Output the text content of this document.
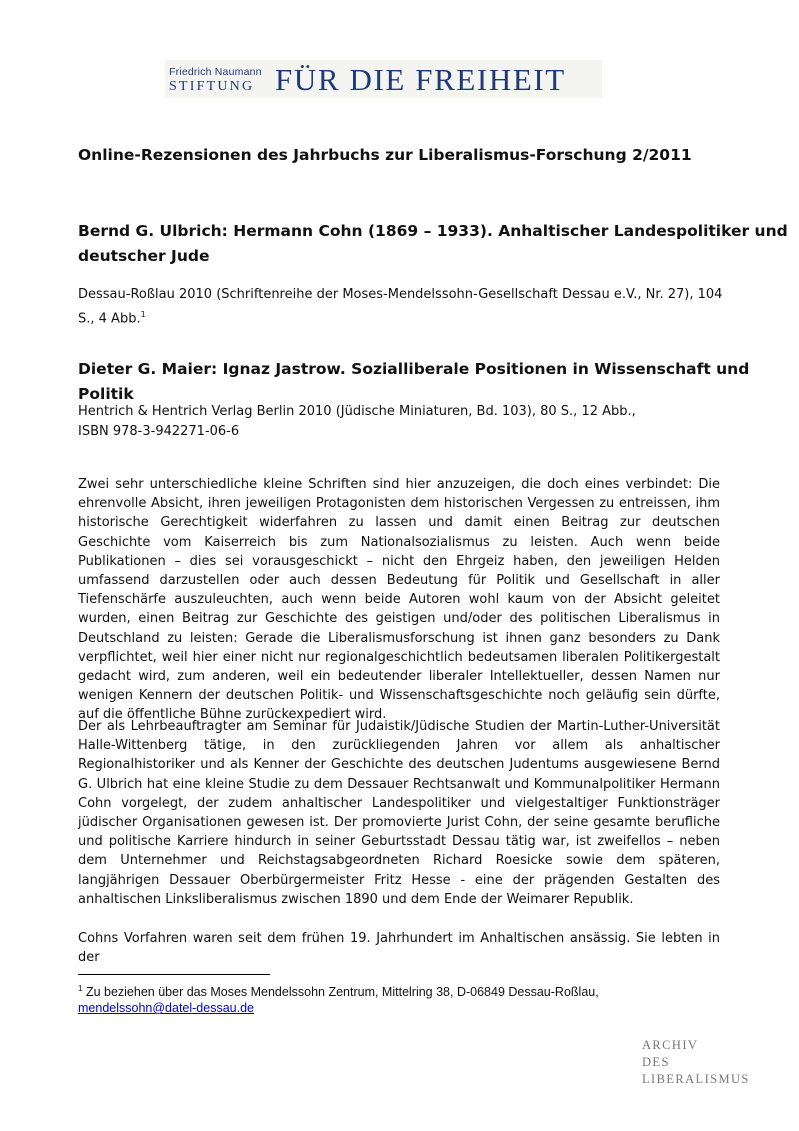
Friedrich Naumann
STIFTUNG FÜR DIE FREIHEIT
Online-Rezensionen des Jahrbuchs zur Liberalismus-Forschung 2/2011
Bernd G. Ulbrich: Hermann Cohn (1869 – 1933). Anhaltischer Landespolitiker und
deutscher Jude
Dessau-Roßlau 2010 (Schriftenreihe der Moses-Mendelssohn-Gesellschaft Dessau e.V., Nr. 27), 104
S., 4 Abb.$^1$
Dieter G. Maier: Ignaz Jastrow. Sozialliberale Positionen in Wissenschaft und Politik
Hentrich & Hentrich Verlag Berlin 2010 (Jüdische Miniaturen, Bd. 103), 80 S., 12 Abb.,
ISBN 978-3-942271-06-6

Zwei sehr unterschiedliche kleine Schriften sind hier anzuzeigen, die doch eines verbindet: Die ehrenvolle Absicht, ihren jeweiligen Protagonisten dem historischen Vergessen zu entreissen, ihm historische Gerechtigkeit widerfahren zu lassen und damit einen Beitrag zur deutschen Geschichte vom Kaiserreich bis zum Nationalsozialismus zu leisten. Auch wenn beide Publikationen – dies sei vorausgeschickt – nicht den Ehrgeiz haben, den jeweiligen Helden umfassend darzustellen oder auch dessen Bedeutung für Politik und Gesellschaft in aller Tiefenschärfe auszuleuchten, auch wenn beide Autoren wohl kaum von der Absicht geleitet wurden, einen Beitrag zur Geschichte des geistigen und/oder des politischen Liberalismus in Deutschland zu leisten: Gerade die Liberalismusforschung ist ihnen ganz besonders zu Dank verpflichtet, weil hier einer nicht nur regionalgeschichtlich bedeutsamen liberalen Politikergestalt gedacht wird, zum anderen, weil ein bedeutender liberaler Intellektueller, dessen Namen nur wenigen Kennern der deutschen Politik- und Wissenschaftsgeschichte noch geläufig sein dürfte, auf die öffentliche Bühne zurückexpediert wird.

Der als Lehrbeauftragter am Seminar für Judaistik/Jüdische Studien der Martin-Luther-Universität Halle-Wittenberg tätige, in den zurückliegenden Jahren vor allem als anhaltischer Regionalhistoriker und als Kenner der Geschichte des deutschen Judentums ausgewiesene Bernd G. Ulbrich hat eine kleine Studie zu dem Dessauer Rechtsanwalt und Kommunalpolitiker Hermann Cohn vorgelegt, der zudem anhaltischer Landespolitiker und vielgestaltiger Funktionsträger jüdischer Organisationen gewesen ist. Der promovierte Jurist Cohn, der seine gesamte berufliche und politische Karriere hindurch in seiner Geburtsstadt Dessau tätig war, ist zweifellos – neben dem Unternehmer und Reichstagsabgeordneten Richard Roesicke sowie dem späteren, langjährigen Dessauer Oberbürgermeister Fritz Hesse - eine der prägenden Gestalten des anhaltischen Linksliberalismus zwischen 1890 und dem Ende der Weimarer Republik.

Cohns Vorfahren waren seit dem frühen 19. Jahrhundert im Anhaltischen ansässig. Sie lebten in der

$^1$ Zu beziehen über das Moses Mendelssohn Zentrum, Mittelring 38, D-06849 Dessau-Roßlau,
mendelssohn@datel-dessau.de
ARCHIV
DES
LIBERALISMUS
